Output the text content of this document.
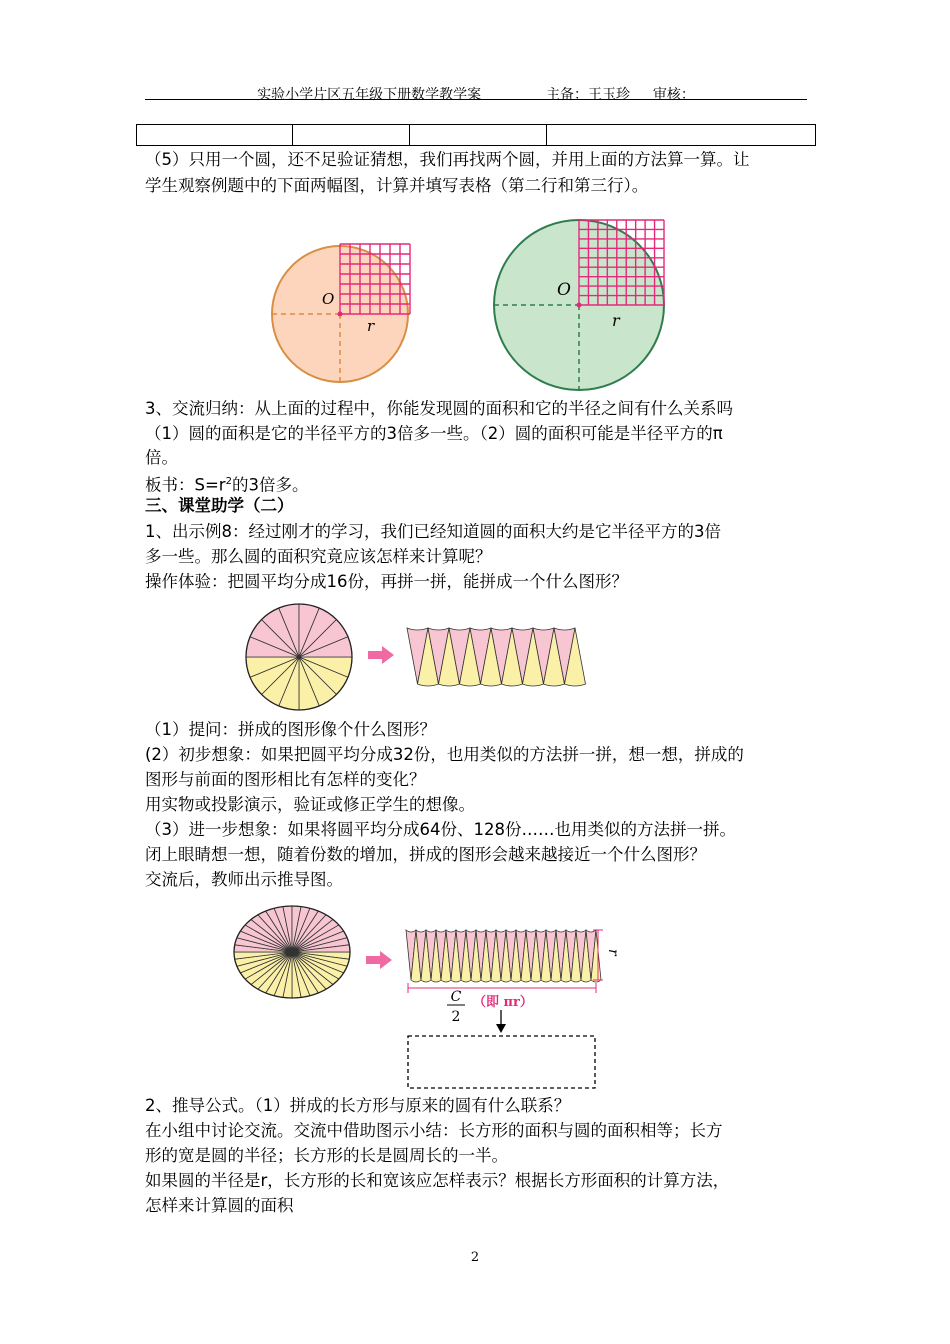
实验小学片区五年级下册数学教学案	主备：王玉珍 审核：

（5）只用一个圆，还不足验证猜想，我们再找两个圆，并用上面的方法算一算。让

学生观察例题中的下面两幅图，计算并填写表格（第二行和第三行）。

O
r
O
r

3、交流归纳：从上面的过程中，你能发现圆的面积和它的半径之间有什么关系吗

（1）圆的面积是它的半径平方的3倍多一些。（2）圆的面积可能是半径平方的π

倍。

板书：$S=r^2$的3倍多。

三、课堂助学（二）

1、出示例8：经过刚才的学习，我们已经知道圆的面积大约是它半径平方的3倍

多一些。那么圆的面积究竟应该怎样来计算呢？

操作体验：把圆平均分成16份，再拼一拼，能拼成一个什么图形？

（1）提问：拼成的图形像个什么图形？

(2）初步想象：如果把圆平均分成32份，也用类似的方法拼一拼，想一想，拼成的

图形与前面的图形相比有怎样的变化？

用实物或投影演示，验证或修正学生的想像。

（3）进一步想象：如果将圆平均分成64份、128份……也用类似的方法拼一拼。

闭上眼睛想一想，随着份数的增加，拼成的图形会越来越接近一个什么图形？

交流后，教师出示推导图。

C
2
（即 πr）
r

2、推导公式。（1）拼成的长方形与原来的圆有什么联系？

在小组中讨论交流。交流中借助图示小结：长方形的面积与圆的面积相等；长方

形的宽是圆的半径；长方形的长是圆周长的一半。

如果圆的半径是r，长方形的长和宽该应怎样表示？根据长方形面积的计算方法，

怎样来计算圆的面积

2
